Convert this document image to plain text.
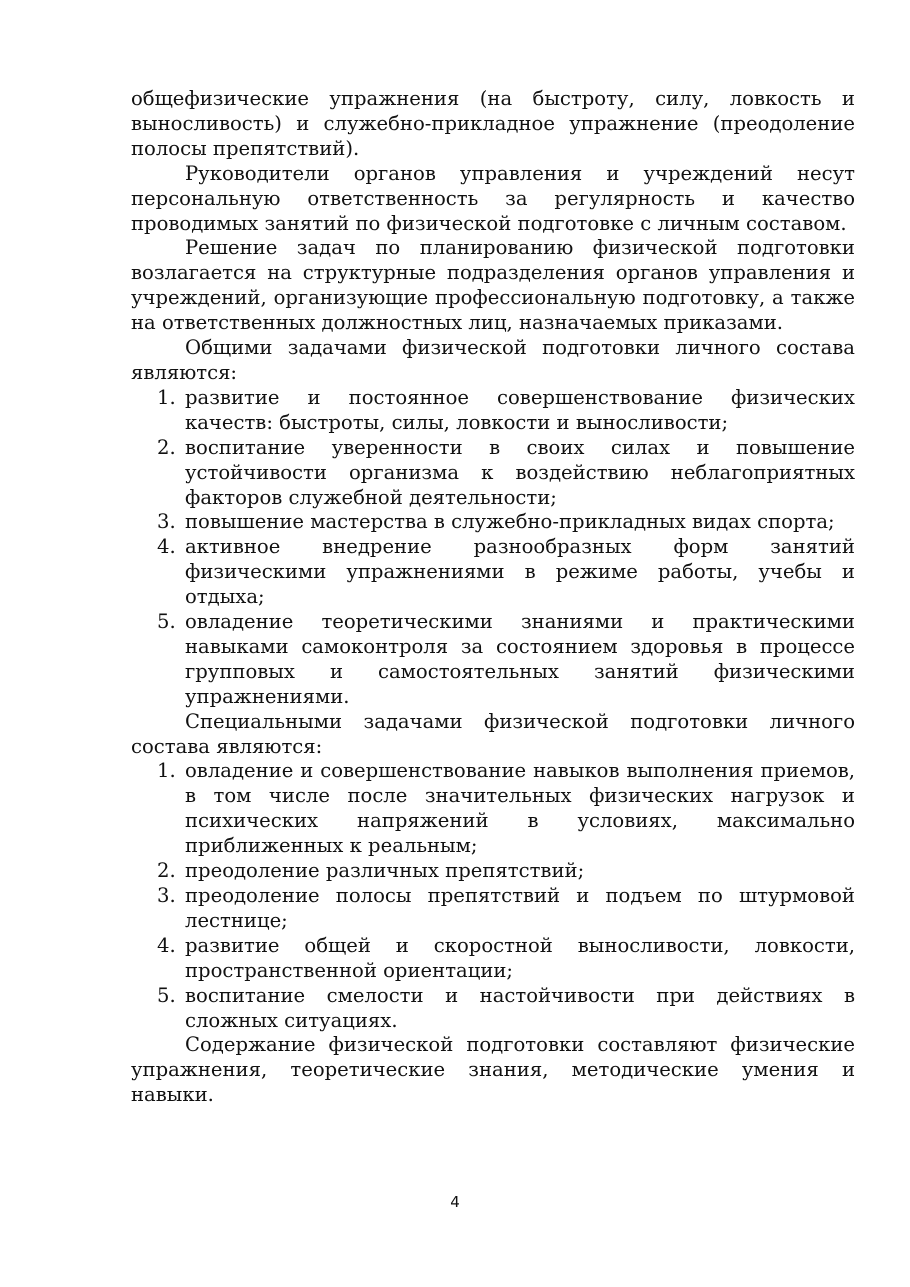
общефизические упражнения (на быстроту, силу, ловкость и выносливость) и служебно-прикладное упражнение (преодоление полосы препятствий).

Руководители органов управления и учреждений несут персональную ответственность за регулярность и качество проводимых занятий по физической подготовке с личным составом.

Решение задач по планированию физической подготовки возлагается на структурные подразделения органов управления и учреждений, организующие профессиональную подготовку, а также на ответственных должностных лиц, назначаемых приказами.

Общими задачами физической подготовки личного состава являются:

1. развитие и постоянное совершенствование физических качеств: быстроты, силы, ловкости и выносливости;
2. воспитание уверенности в своих силах и повышение устойчивости организма к воздействию неблагоприятных факторов служебной деятельности;
3. повышение мастерства в служебно-прикладных видах спорта;
4. активное внедрение разнообразных форм занятий физическими упражнениями в режиме работы, учебы и отдыха;
5. овладение теоретическими знаниями и практическими навыками самоконтроля за состоянием здоровья в процессе групповых и самостоятельных занятий физическими упражнениями.

Специальными задачами физической подготовки личного состава являются:

1. овладение и совершенствование навыков выполнения приемов, в том числе после значительных физических нагрузок и психических напряжений в условиях, максимально приближенных к реальным;
2. преодоление различных препятствий;
3. преодоление полосы препятствий и подъем по штурмовой лестнице;
4. развитие общей и скоростной выносливости, ловкости, пространственной ориентации;
5. воспитание смелости и настойчивости при действиях в сложных ситуациях.

Содержание физической подготовки составляют физические упражнения, теоретические знания, методические умения и навыки.

4
